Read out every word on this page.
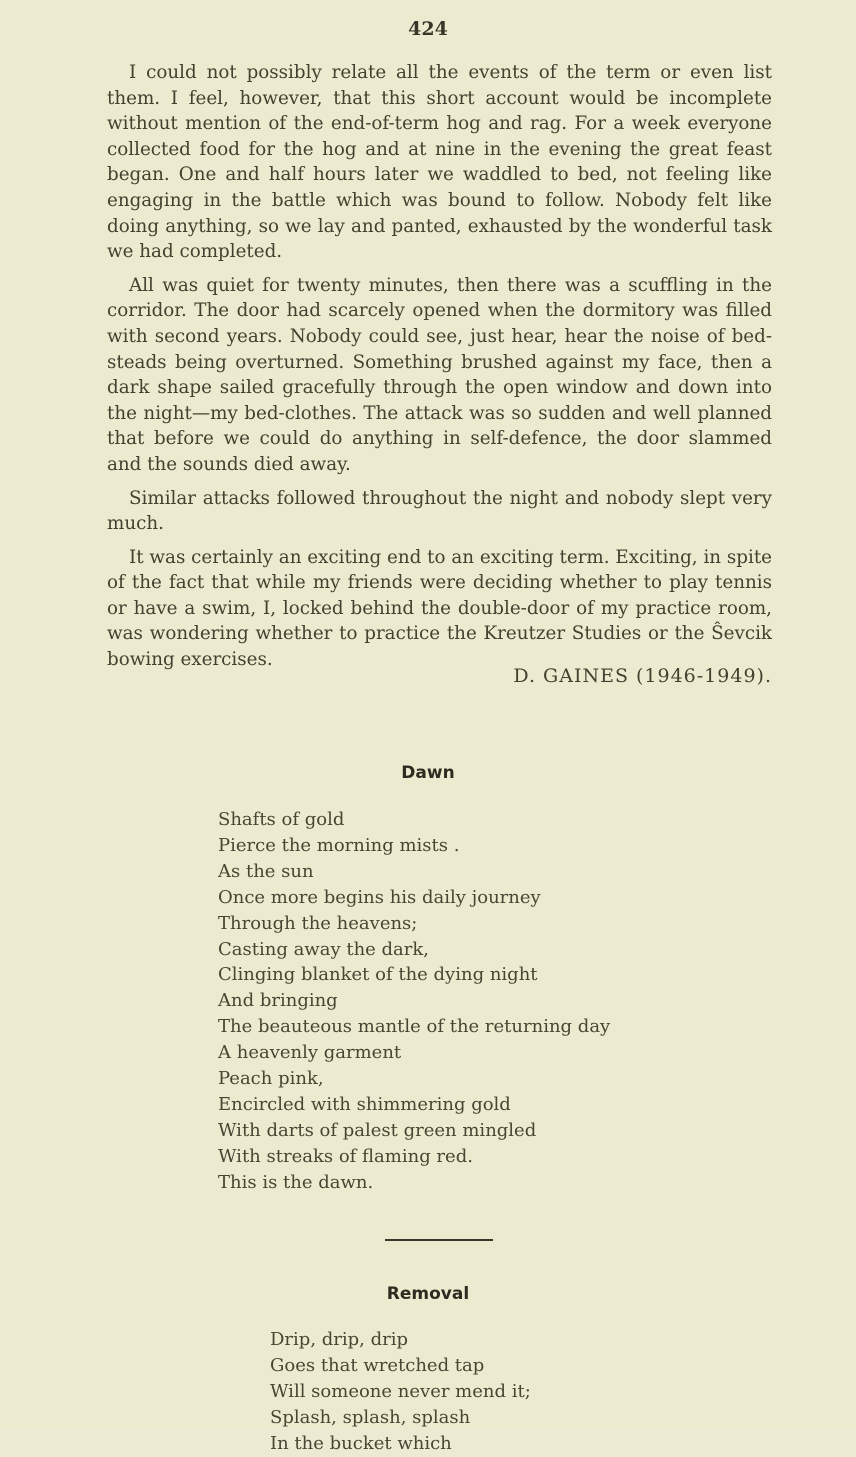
424

I could not possibly relate all the events of the term or even list them. I feel, however, that this short account would be incomplete without mention of the end-of-term hog and rag. For a week everyone collected food for the hog and at nine in the evening the great feast began. One and half hours later we waddled to bed, not feeling like engaging in the battle which was bound to follow. Nobody felt like doing anything, so we lay and panted, exhausted by the wonderful task we had completed.

All was quiet for twenty minutes, then there was a scuffling in the corridor. The door had scarcely opened when the dormitory was filled with second years. Nobody could see, just hear, hear the noise of bed-steads being overturned. Something brushed against my face, then a dark shape sailed gracefully through the open window and down into the night—my bed-clothes. The attack was so sudden and well planned that before we could do anything in self-defence, the door slammed and the sounds died away.

Similar attacks followed throughout the night and nobody slept very much.

It was certainly an exciting end to an exciting term. Exciting, in spite of the fact that while my friends were deciding whether to play tennis or have a swim, I, locked behind the double-door of my practice room, was wondering whether to practice the Kreutzer Studies or the Ŝevcik bowing exercises.

D. GAINES (1946-1949).
Dawn
Shafts of gold
Pierce the morning mists .
As the sun
Once more begins his daily journey
Through the heavens;
Casting away the dark,
Clinging blanket of the dying night
And bringing
The beauteous mantle of the returning day
A heavenly garment
Peach pink,
Encircled with shimmering gold
With darts of palest green mingled
With streaks of flaming red.
This is the dawn.
Removal
Drip, drip, drip
Goes that wretched tap
Will someone never mend it;
Splash, splash, splash
In the bucket which
